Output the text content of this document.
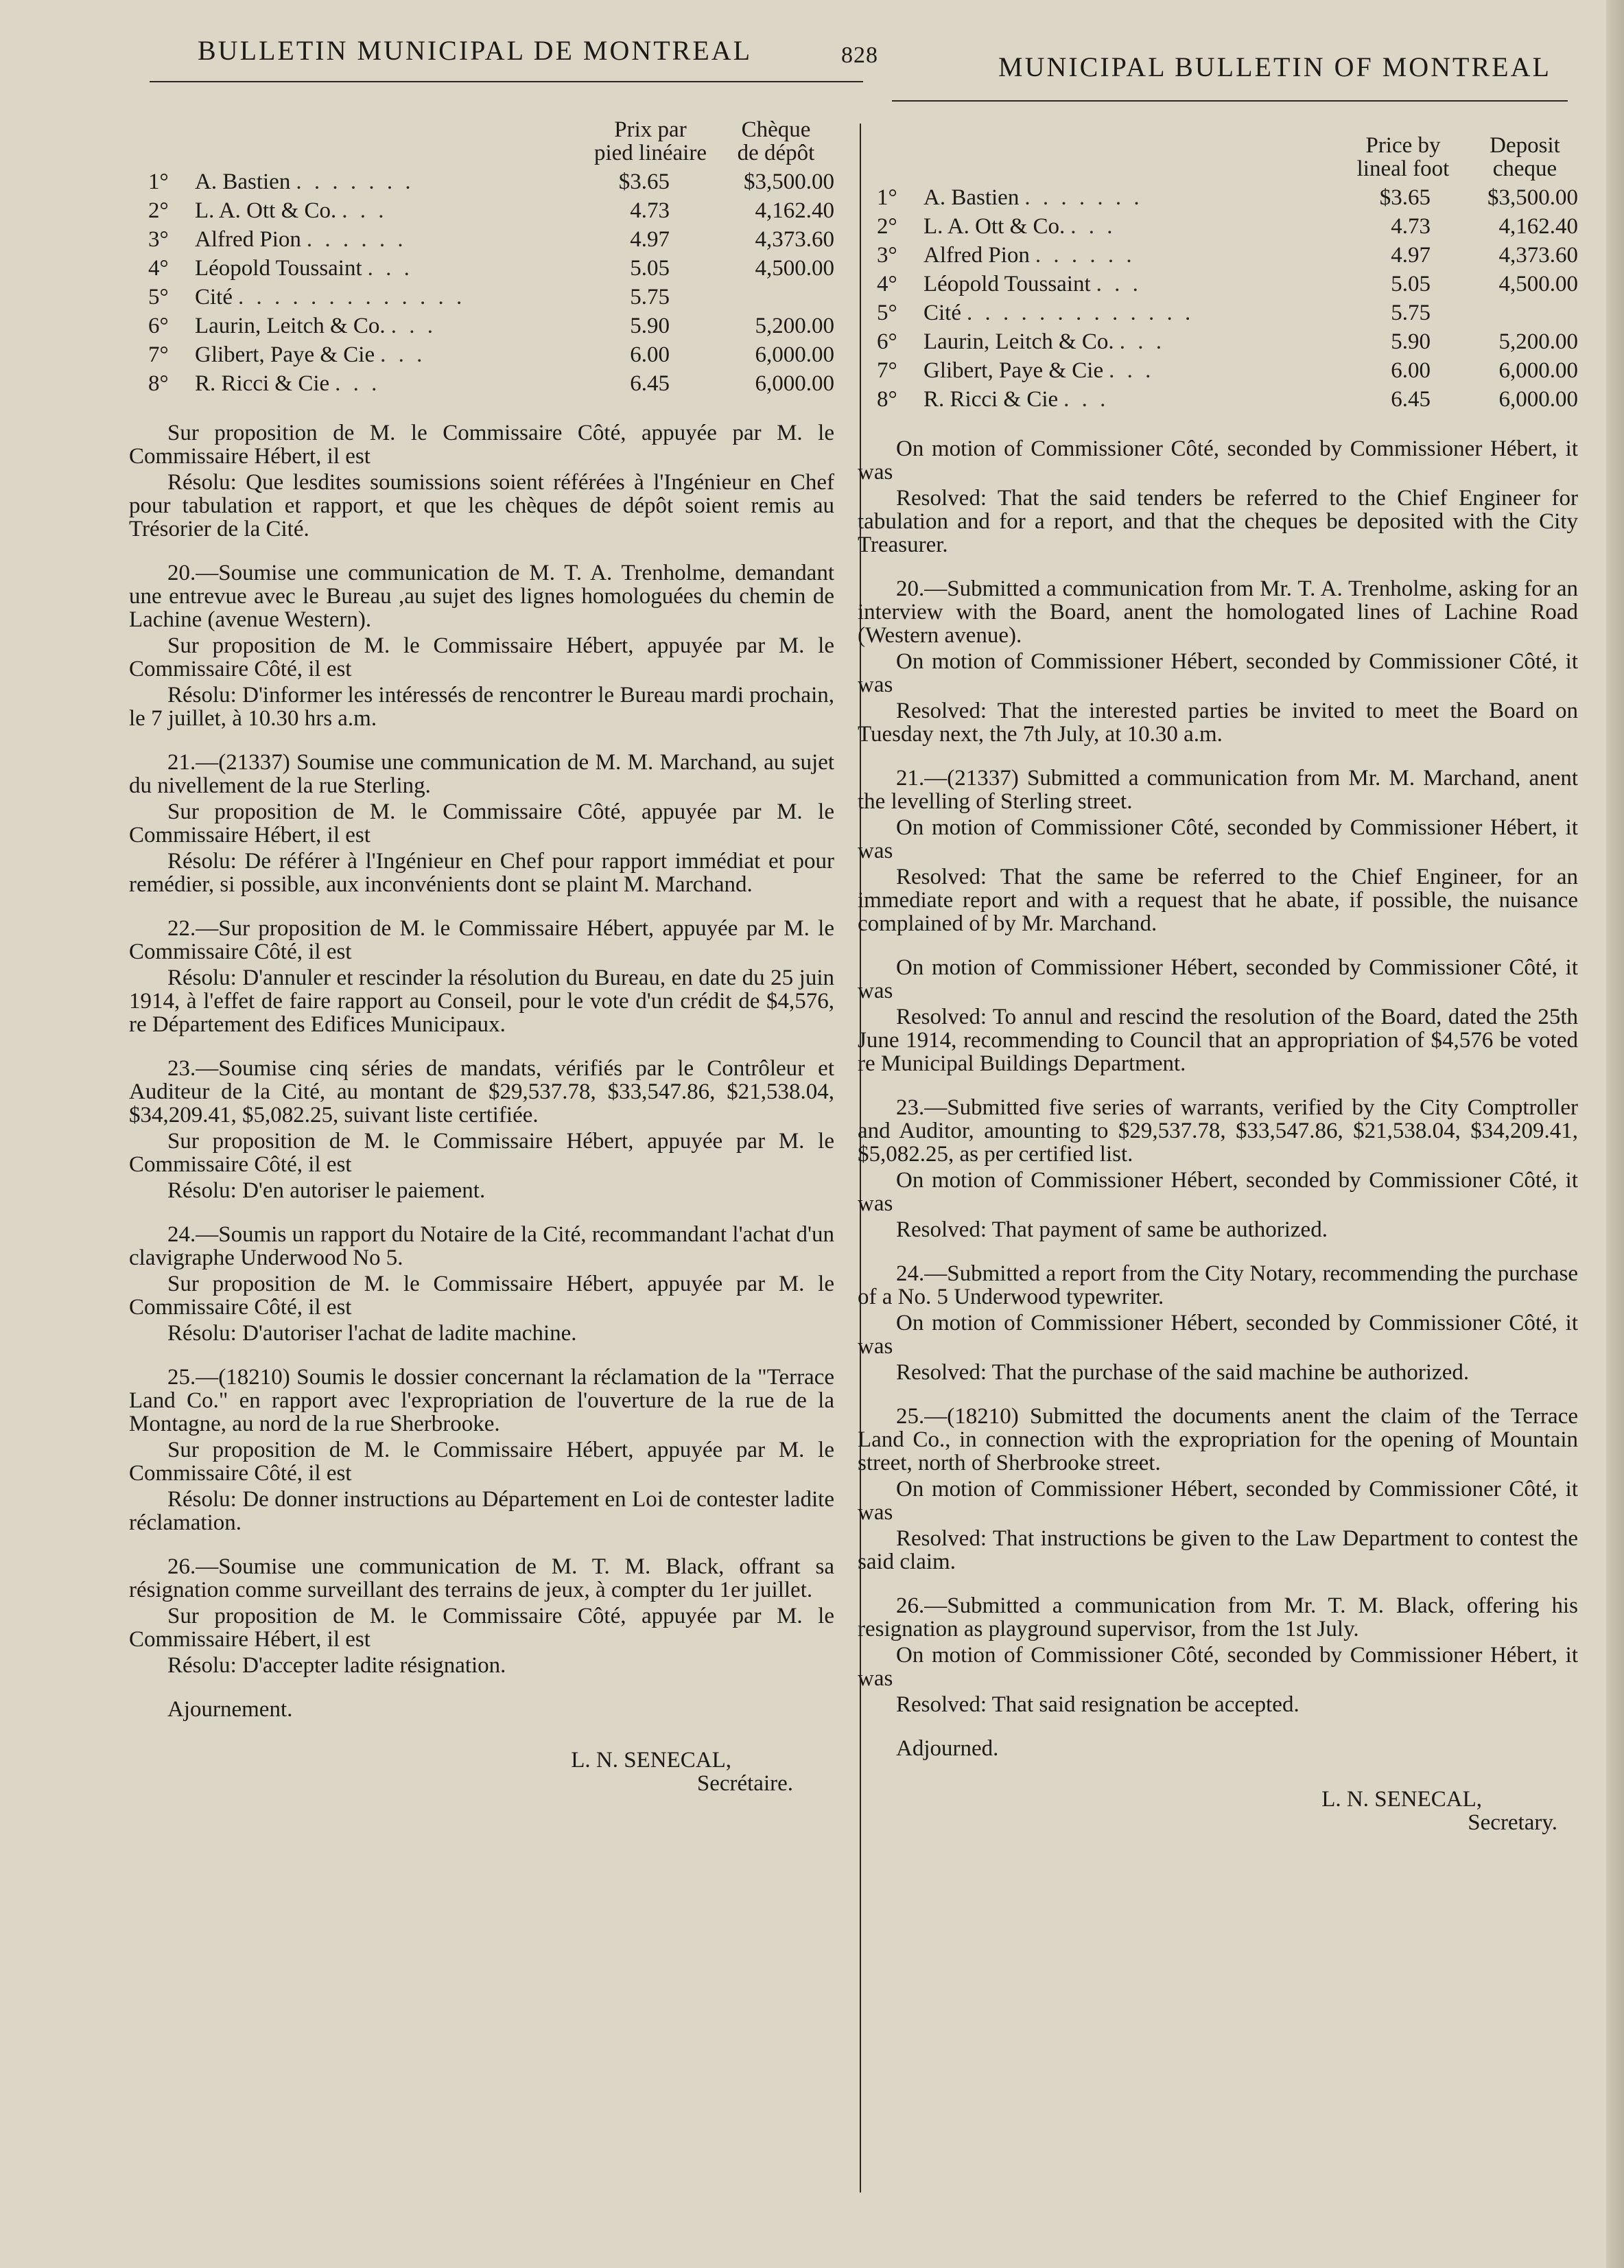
BULLETIN MUNICIPAL DE MONTREAL	828	MUNICIPAL BULLETIN OF MONTREAL
Prix par
pied linéaire
Chèque
de dépôt
1° A. Bastien . . . . . . .	$3.65	$3,500.00
2° L. A. Ott & Co. . . .	4.73	4,162.40
3° Alfred Pion . . . . . .	4.97	4,373.60
4° Léopold Toussaint . . .	5.05	4,500.00
5° Cité . . . . . . . . . . . . .	5.75
6° Laurin, Leitch & Co. . . .	5.90	5,200.00
7° Glibert, Paye & Cie . . .	6.00	6,000.00
8° R. Ricci & Cie . . .	6.45	6,000.00

Sur proposition de M. le Commissaire Côté, appuyée par M. le Commissaire Hébert, il est

Résolu: Que lesdites soumissions soient référées à l'Ingénieur en Chef pour tabulation et rapport, et que les chèques de dépôt soient remis au Trésorier de la Cité.

20.—Soumise une communication de M. T. A. Trenholme, demandant une entrevue avec le Bureau ,au sujet des lignes homologuées du chemin de Lachine (avenue Western).

Sur proposition de M. le Commissaire Hébert, appuyée par M. le Commissaire Côté, il est

Résolu: D'informer les intéressés de rencontrer le Bureau mardi prochain, le 7 juillet, à 10.30 hrs a.m.

21.—(21337) Soumise une communication de M. M. Marchand, au sujet du nivellement de la rue Sterling.

Sur proposition de M. le Commissaire Côté, appuyée par M. le Commissaire Hébert, il est

Résolu: De référer à l'Ingénieur en Chef pour rapport immédiat et pour remédier, si possible, aux inconvénients dont se plaint M. Marchand.

22.—Sur proposition de M. le Commissaire Hébert, appuyée par M. le Commissaire Côté, il est

Résolu: D'annuler et rescinder la résolution du Bureau, en date du 25 juin 1914, à l'effet de faire rapport au Conseil, pour le vote d'un crédit de $4,576, re Département des Edifices Municipaux.

23.—Soumise cinq séries de mandats, vérifiés par le Contrôleur et Auditeur de la Cité, au montant de $29,537.78, $33,547.86, $21,538.04, $34,209.41, $5,082.25, suivant liste certifiée.

Sur proposition de M. le Commissaire Hébert, appuyée par M. le Commissaire Côté, il est

Résolu: D'en autoriser le paiement.

24.—Soumis un rapport du Notaire de la Cité, recommandant l'achat d'un clavigraphe Underwood No 5.

Sur proposition de M. le Commissaire Hébert, appuyée par M. le Commissaire Côté, il est

Résolu: D'autoriser l'achat de ladite machine.

25.—(18210) Soumis le dossier concernant la réclamation de la "Terrace Land Co." en rapport avec l'expropriation de l'ouverture de la rue de la Montagne, au nord de la rue Sherbrooke.

Sur proposition de M. le Commissaire Hébert, appuyée par M. le Commissaire Côté, il est

Résolu: De donner instructions au Département en Loi de contester ladite réclamation.

26.—Soumise une communication de M. T. M. Black, offrant sa résignation comme surveillant des terrains de jeux, à compter du 1er juillet.

Sur proposition de M. le Commissaire Côté, appuyée par M. le Commissaire Hébert, il est

Résolu: D'accepter ladite résignation.

Ajournement.

L. N. SENECAL,
Secrétaire.
Price by
lineal foot
Deposit
cheque
1° A. Bastien . . . . . . .	$3.65	$3,500.00
2° L. A. Ott & Co. . . .	4.73	4,162.40
3° Alfred Pion . . . . . .	4.97	4,373.60
4° Léopold Toussaint . . .	5.05	4,500.00
5° Cité . . . . . . . . . . . . .	5.75
6° Laurin, Leitch & Co. . . .	5.90	5,200.00
7° Glibert, Paye & Cie . . .	6.00	6,000.00
8° R. Ricci & Cie . . .	6.45	6,000.00

On motion of Commissioner Côté, seconded by Commissioner Hébert, it was

Resolved: That the said tenders be referred to the Chief Engineer for tabulation and for a report, and that the cheques be deposited with the City Treasurer.

20.—Submitted a communication from Mr. T. A. Trenholme, asking for an interview with the Board, anent the homologated lines of Lachine Road (Western avenue).

On motion of Commissioner Hébert, seconded by Commissioner Côté, it was

Resolved: That the interested parties be invited to meet the Board on Tuesday next, the 7th July, at 10.30 a.m.

21.—(21337) Submitted a communication from Mr. M. Marchand, anent the levelling of Sterling street.

On motion of Commissioner Côté, seconded by Commissioner Hébert, it was

Resolved: That the same be referred to the Chief Engineer, for an immediate report and with a request that he abate, if possible, the nuisance complained of by Mr. Marchand.

On motion of Commissioner Hébert, seconded by Commissioner Côté, it was

Resolved: To annul and rescind the resolution of the Board, dated the 25th June 1914, recommending to Council that an appropriation of $4,576 be voted re Municipal Buildings Department.

23.—Submitted five series of warrants, verified by the City Comptroller and Auditor, amounting to $29,537.78, $33,547.86, $21,538.04, $34,209.41, $5,082.25, as per certified list.

On motion of Commissioner Hébert, seconded by Commissioner Côté, it was

Resolved: That payment of same be authorized.

24.—Submitted a report from the City Notary, recommending the purchase of a No. 5 Underwood typewriter.

On motion of Commissioner Hébert, seconded by Commissioner Côté, it was

Resolved: That the purchase of the said machine be authorized.

25.—(18210) Submitted the documents anent the claim of the Terrace Land Co., in connection with the expropriation for the opening of Mountain street, north of Sherbrooke street.

On motion of Commissioner Hébert, seconded by Commissioner Côté, it was

Resolved: That instructions be given to the Law Department to contest the said claim.

26.—Submitted a communication from Mr. T. M. Black, offering his resignation as playground supervisor, from the 1st July.

On motion of Commissioner Côté, seconded by Commissioner Hébert, it was

Resolved: That said resignation be accepted.

Adjourned.

L. N. SENECAL,
Secretary.
